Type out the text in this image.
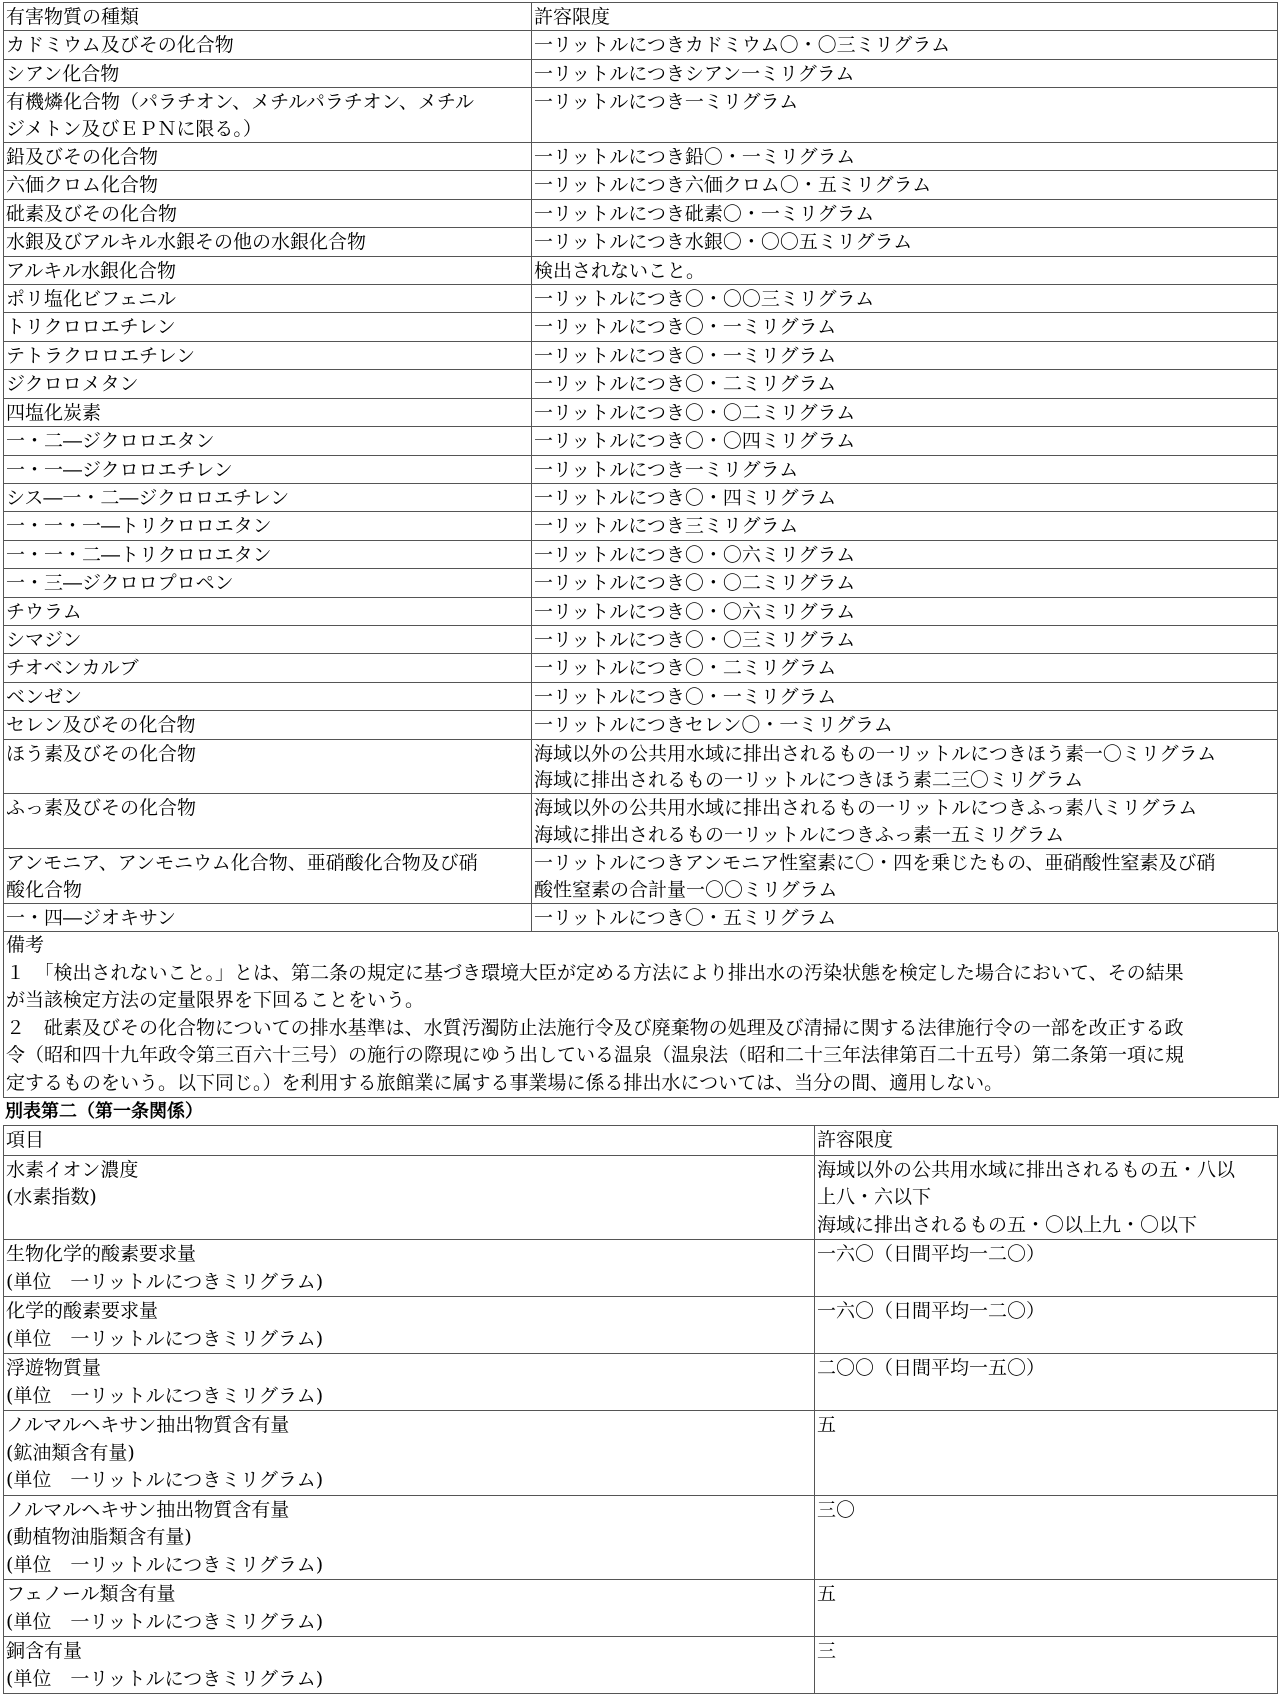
有害物質の種類	許容限度

カドミウム及びその化合物	一リットルにつきカドミウム〇・〇三ミリグラム

シアン化合物	一リットルにつきシアン一ミリグラム

有機燐化合物（パラチオン、メチルパラチオン、メチル
ジメトン及びＥＰＮに限る。）	一リットルにつき一ミリグラム

鉛及びその化合物	一リットルにつき鉛〇・一ミリグラム

六価クロム化合物	一リットルにつき六価クロム〇・五ミリグラム

砒素及びその化合物	一リットルにつき砒素〇・一ミリグラム

水銀及びアルキル水銀その他の水銀化合物	一リットルにつき水銀〇・〇〇五ミリグラム

アルキル水銀化合物	検出されないこと。

ポリ塩化ビフェニル	一リットルにつき〇・〇〇三ミリグラム

トリクロロエチレン	一リットルにつき〇・一ミリグラム

テトラクロロエチレン	一リットルにつき〇・一ミリグラム

ジクロロメタン	一リットルにつき〇・二ミリグラム

四塩化炭素	一リットルにつき〇・〇二ミリグラム

一・二―ジクロロエタン	一リットルにつき〇・〇四ミリグラム

一・一―ジクロロエチレン	一リットルにつき一ミリグラム

シス―一・二―ジクロロエチレン	一リットルにつき〇・四ミリグラム

一・一・一―トリクロロエタン	一リットルにつき三ミリグラム

一・一・二―トリクロロエタン	一リットルにつき〇・〇六ミリグラム

一・三―ジクロロプロペン	一リットルにつき〇・〇二ミリグラム

チウラム	一リットルにつき〇・〇六ミリグラム

シマジン	一リットルにつき〇・〇三ミリグラム

チオベンカルブ	一リットルにつき〇・二ミリグラム

ベンゼン	一リットルにつき〇・一ミリグラム

セレン及びその化合物	一リットルにつきセレン〇・一ミリグラム

ほう素及びその化合物	海域以外の公共用水域に排出されるもの一リットルにつきほう素一〇ミリグラム
海域に排出されるもの一リットルにつきほう素二三〇ミリグラム

ふっ素及びその化合物	海域以外の公共用水域に排出されるもの一リットルにつきふっ素八ミリグラム
海域に排出されるもの一リットルにつきふっ素一五ミリグラム

アンモニア、アンモニウム化合物、亜硝酸化合物及び硝
酸化合物	一リットルにつきアンモニア性窒素に〇・四を乗じたもの、亜硝酸性窒素及び硝
酸性窒素の合計量一〇〇ミリグラム

一・四―ジオキサン	一リットルにつき〇・五ミリグラム

備考

１　「検出されないこと。」とは、第二条の規定に基づき環境大臣が定める方法により排出水の汚染状態を検定した場合において、その結果

が当該検定方法の定量限界を下回ることをいう。

２　砒素及びその化合物についての排水基準は、水質汚濁防止法施行令及び廃棄物の処理及び清掃に関する法律施行令の一部を改正する政

令（昭和四十九年政令第三百六十三号）の施行の際現にゆう出している温泉（温泉法（昭和二十三年法律第百二十五号）第二条第一項に規

定するものをいう。以下同じ。）を利用する旅館業に属する事業場に係る排出水については、当分の間、適用しない。

別表第二（第一条関係）
項目	許容限度

水素イオン濃度
(水素指数)	海域以外の公共用水域に排出されるもの五・八以
上八・六以下
海域に排出されるもの五・〇以上九・〇以下

生物化学的酸素要求量
(単位　一リットルにつきミリグラム)	一六〇（日間平均一二〇）

化学的酸素要求量
(単位　一リットルにつきミリグラム)	一六〇（日間平均一二〇）

浮遊物質量
(単位　一リットルにつきミリグラム)	二〇〇（日間平均一五〇）

ノルマルヘキサン抽出物質含有量
(鉱油類含有量)
(単位　一リットルにつきミリグラム)	五

ノルマルヘキサン抽出物質含有量
(動植物油脂類含有量)
(単位　一リットルにつきミリグラム)	三〇

フェノール類含有量
(単位　一リットルにつきミリグラム)	五

銅含有量
(単位　一リットルにつきミリグラム)	三
